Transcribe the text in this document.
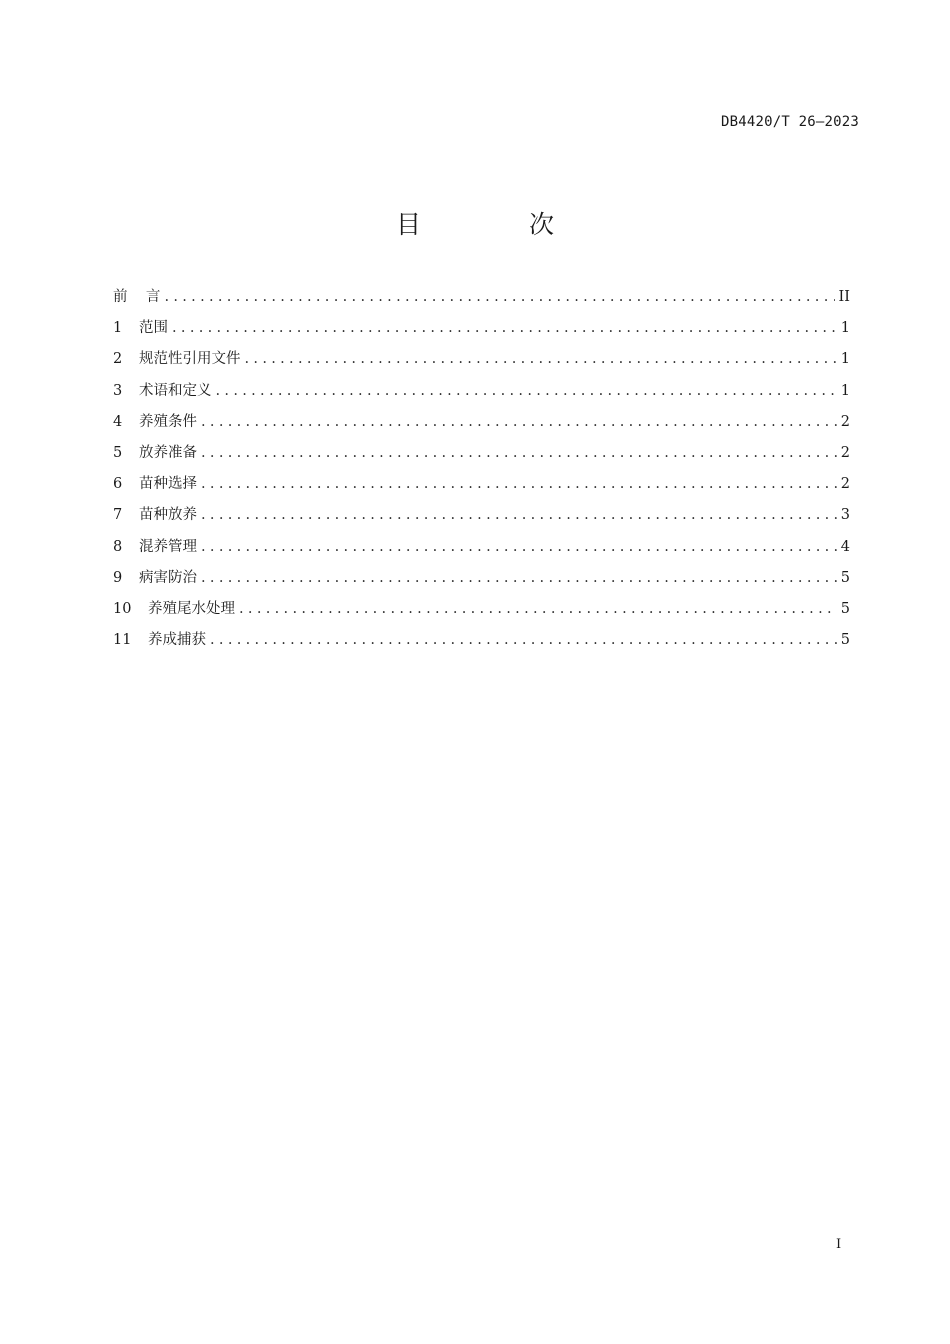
DB4420/T 26—2023
目 次
前    言 .....	II
1	范围 .....	1
2	规范性引用文件 .....	1
3	术语和定义 .....	1
4	养殖条件 .....	2
5	放养准备 .....	2
6	苗种选择 .....	2
7	苗种放养 .....	3
8	混养管理 .....	4
9	病害防治 .....	5
10	养殖尾水处理 .....	5
11	养成捕获 .....	5
I
